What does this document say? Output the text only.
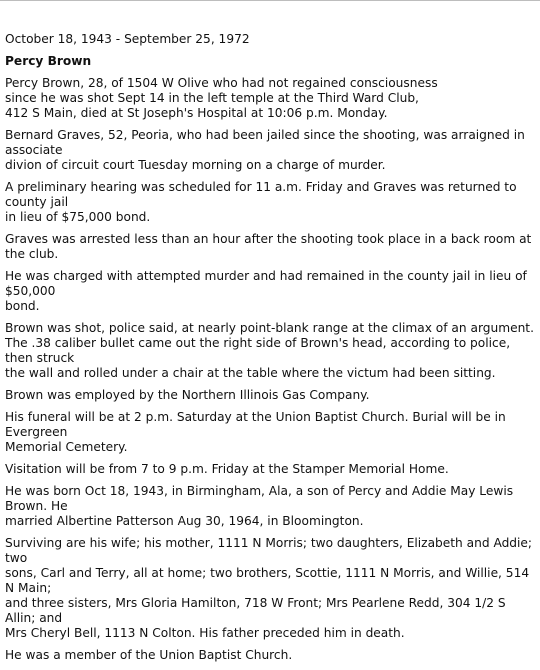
October 18, 1943 - September 25, 1972
Percy Brown
Percy Brown, 28, of 1504 W Olive who had not regained consciousness
since he was shot Sept 14 in the left temple at the Third Ward Club,
412 S Main, died at St Joseph's Hospital at 10:06 p.m. Monday.
Bernard Graves, 52, Peoria, who had been jailed since the shooting, was arraigned in associate
divion of circuit court Tuesday morning on a charge of murder.
A preliminary hearing was scheduled for 11 a.m. Friday and Graves was returned to county jail
in lieu of $75,000 bond.
Graves was arrested less than an hour after the shooting took place in a back room at the club.
He was charged with attempted murder and had remained in the county jail in lieu of $50,000
bond.
Brown was shot, police said, at nearly point-blank range at the climax of an argument.
The .38 caliber bullet came out the right side of Brown's head, according to police, then struck
the wall and rolled under a chair at the table where the victum had been sitting.
Brown was employed by the Northern Illinois Gas Company.
His funeral will be at 2 p.m. Saturday at the Union Baptist Church. Burial will be in Evergreen
Memorial Cemetery.
Visitation will be from 7 to 9 p.m. Friday at the Stamper Memorial Home.
He was born Oct 18, 1943, in Birmingham, Ala, a son of Percy and Addie May Lewis Brown. He
married Albertine Patterson Aug 30, 1964, in Bloomington.
Surviving are his wife; his mother, 1111 N Morris; two daughters, Elizabeth and Addie; two
sons, Carl and Terry, all at home; two brothers, Scottie, 1111 N Morris, and Willie, 514 N Main;
and three sisters, Mrs Gloria Hamilton, 718 W Front; Mrs Pearlene Redd, 304 1/2 S Allin; and
Mrs Cheryl Bell, 1113 N Colton. His father preceded him in death.
He was a member of the Union Baptist Church.
